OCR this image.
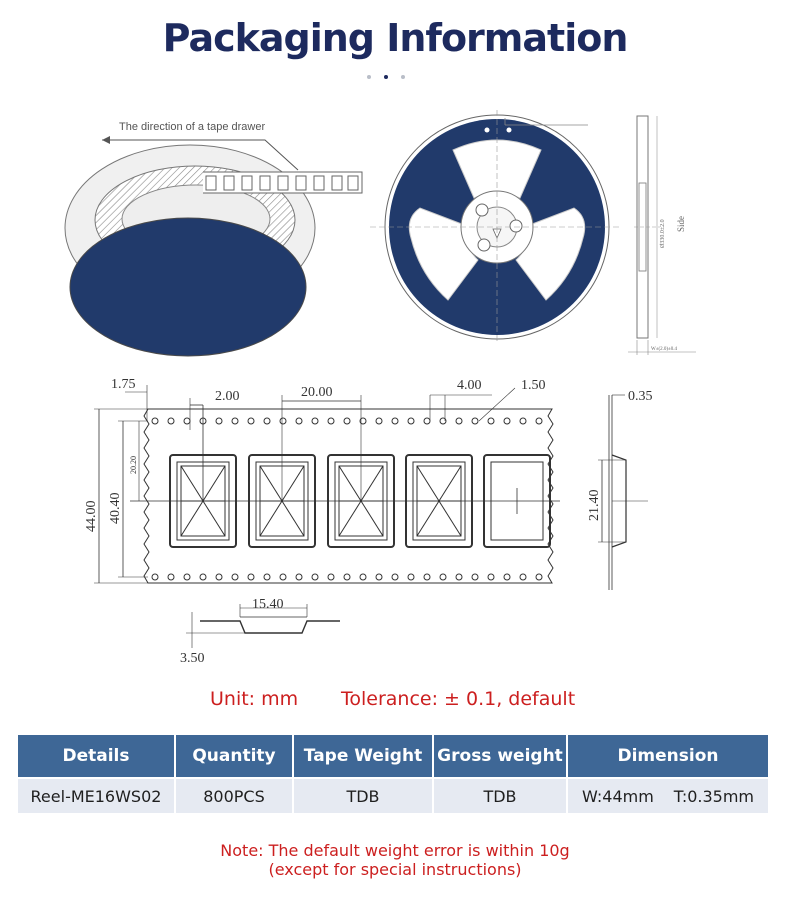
Packaging Information
The direction of a tape drawer
Ø330.0±2.0 Side
W±(2.0)±0.4
1.75
2.00	20.00	4.00	1.50
0.35
44.00 40.40
20.20
21.40
15.40
3.50
Unit: mm Tolerance: ± 0.1, default
Details	Quantity	Tape Weight	Gross weight	Dimension
Reel-ME16WS02	800PCS	TDB	TDB	W:44mm T:0.35mm
Note: The default weight error is within 10g
(except for special instructions)
